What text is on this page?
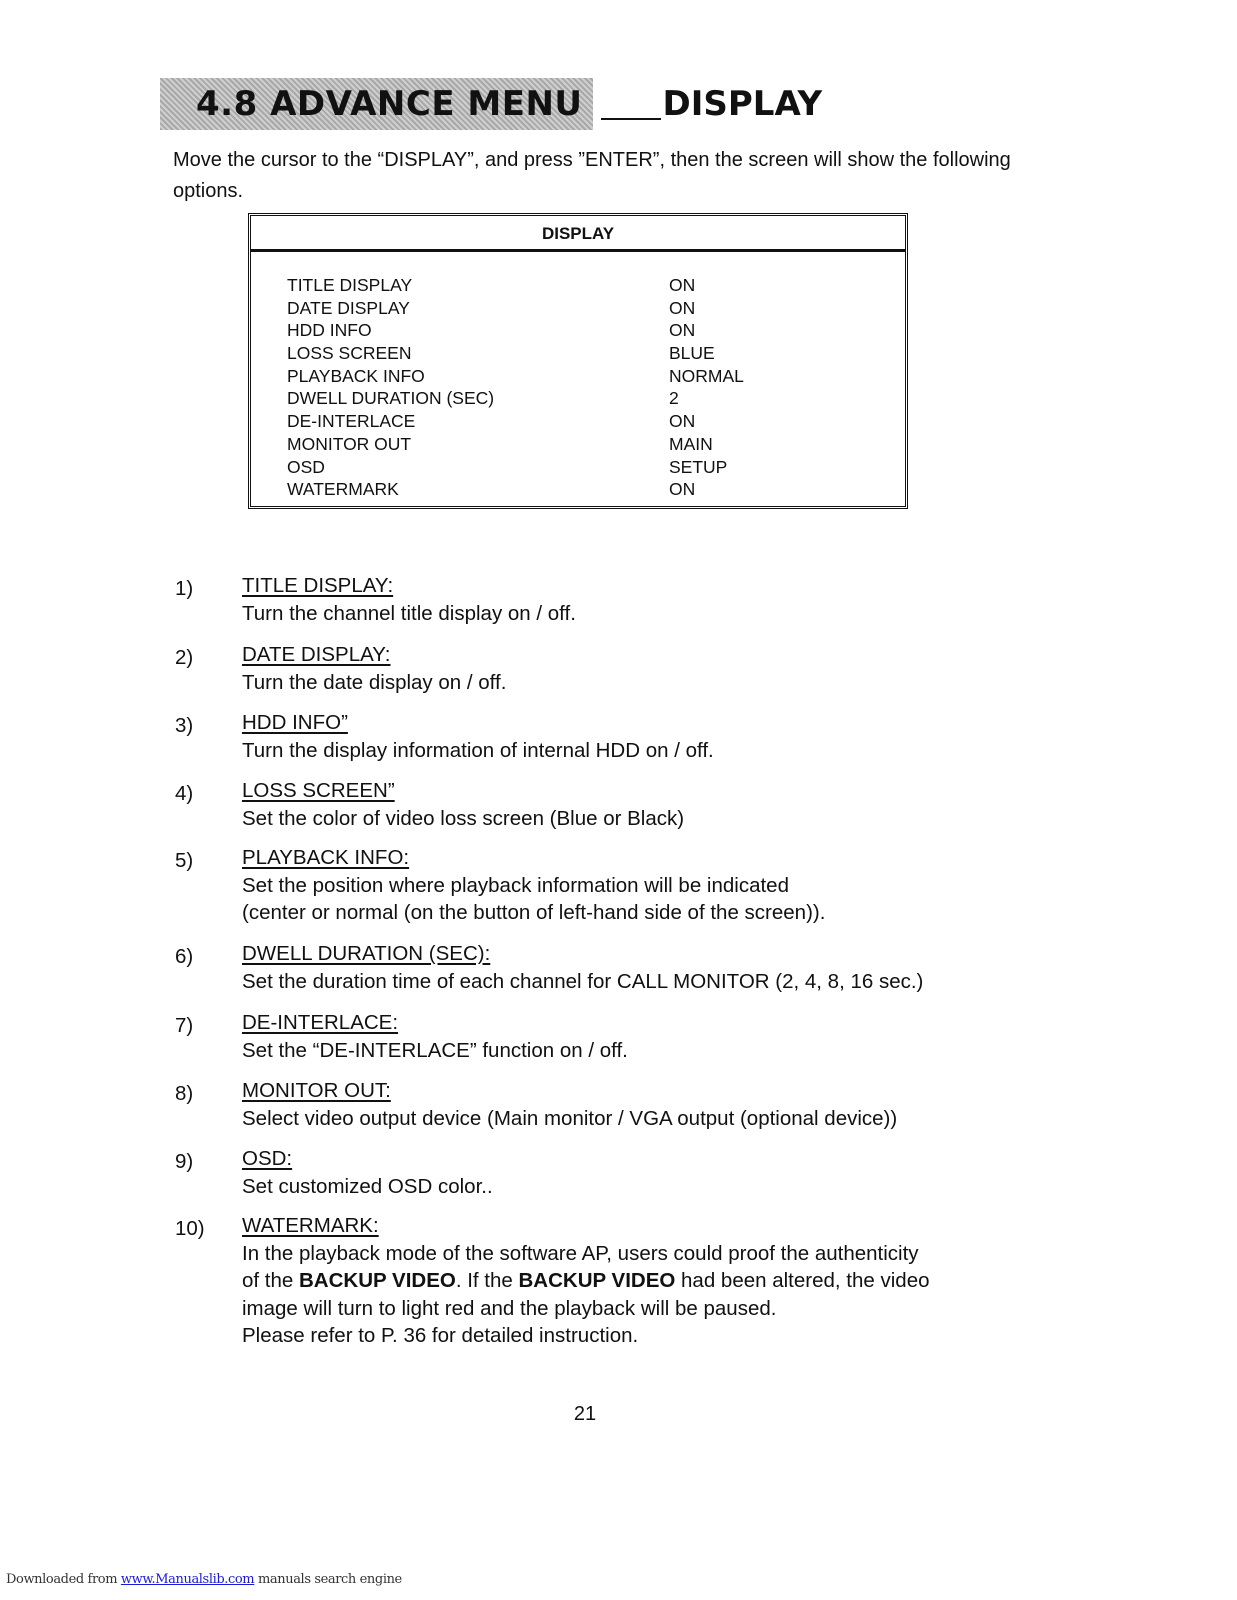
4.8 ADVANCE MENU DISPLAY
Move the cursor to the “DISPLAY”, and press ”ENTER”, then the screen will show the following options.
DISPLAY
TITLE DISPLAY	ON
DATE DISPLAY	ON
HDD INFO	ON
LOSS SCREEN	BLUE
PLAYBACK INFO	NORMAL
DWELL DURATION (SEC)	2
DE-INTERLACE	ON
MONITOR OUT	MAIN
OSD	SETUP
WATERMARK	ON
1) TITLE DISPLAY:
Turn the channel title display on / off.
2) DATE DISPLAY:
Turn the date display on / off.
3) HDD INFO”
Turn the display information of internal HDD on / off.
4) LOSS SCREEN”
Set the color of video loss screen (Blue or Black)
5) PLAYBACK INFO:
Set the position where playback information will be indicated
(center or normal (on the button of left-hand side of the screen)).
6) DWELL DURATION (SEC):
Set the duration time of each channel for CALL MONITOR (2, 4, 8, 16 sec.)
7) DE-INTERLACE:
Set the “DE-INTERLACE” function on / off.
8) MONITOR OUT:
Select video output device (Main monitor / VGA output (optional device))
9) OSD:
Set customized OSD color..
10) WATERMARK:
In the playback mode of the software AP, users could proof the authenticity
of the BACKUP VIDEO. If the BACKUP VIDEO had been altered, the video
image will turn to light red and the playback will be paused.
Please refer to P. 36 for detailed instruction.
21
Downloaded from www.Manualslib.com manuals search engine
